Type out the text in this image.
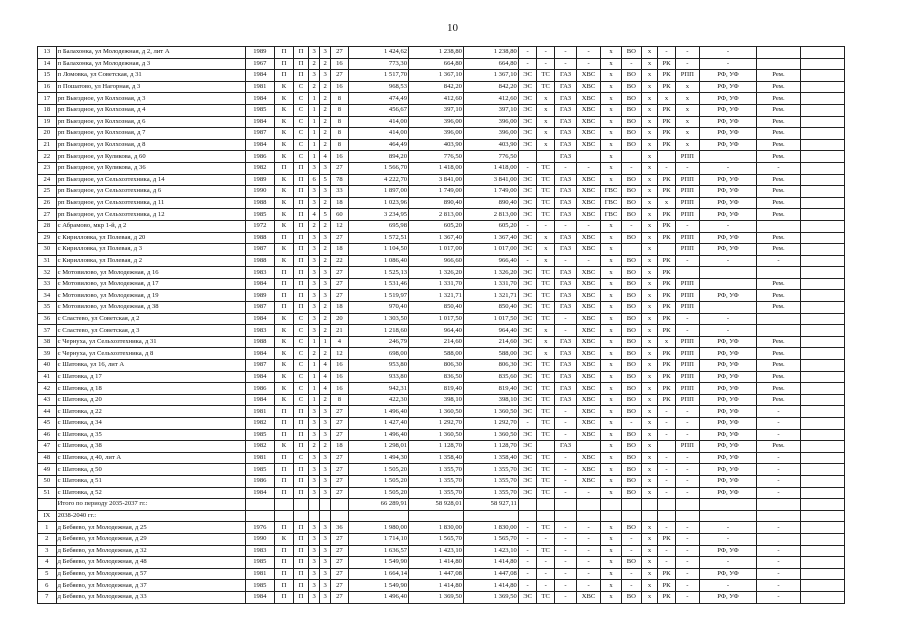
10
13	п Балахонка, ул Молодежная, д 2, лит А	1989	П	П	3	3	27	1 424,62	1 238,80	1 238,80	-	-	-	-	х	ВО	х	-	-	-		
14	п Балахонка, ул Молодежная, д 3	1967	П	П	2	2	16	773,30	664,80	664,80	-	-	-	-	х	-	х	РК	-	-		
15	п Ломовка, ул Советская, д 31	1984	П	П	3	3	27	1 517,70	1 367,10	1 367,10	ЭС	ТС	ГАЗ	ХВС	х	ВО	х	РК	РПП	РФ, УФ	Рем.	
16	п Пошатово, ул Нагорная, д 3	1981	К	С	2	2	16	968,53	842,20	842,20	ЭС	ТС	ГАЗ	ХВС	х	ВО	х	РК	х	РФ, УФ	Рем.	
17	рп Выездное, ул Колхозная, д 3	1984	К	С	1	2	8	474,49	412,60	412,60	ЭС	х	ГАЗ	ХВС	х	ВО	х	х	х	РФ, УФ	Рем.	
18	рп Выездное, ул Колхозная, д 4	1985	К	С	1	2	8	456,67	397,10	397,10	ЭС	х	ГАЗ	ХВС	х	ВО	х	РК	х	РФ, УФ	Рем.	
19	рп Выездное, ул Колхозная, д 6	1984	К	С	1	2	8	414,00	396,00	396,00	ЭС	х	ГАЗ	ХВС	х	ВО	х	РК	х	РФ, УФ	Рем.	
20	рп Выездное, ул Колхозная, д 7	1987	К	С	1	2	8	414,00	396,00	396,00	ЭС	х	ГАЗ	ХВС	х	ВО	х	РК	х	РФ, УФ	Рем.	
21	рп Выездное, ул Колхозная, д 8	1984	К	С	1	2	8	464,49	403,90	403,90	ЭС	х	ГАЗ	ХВС	х	ВО	х	РК	х	РФ, УФ	Рем.	
22	рп Выездное, ул Куликова, д 60	1986	К	С	1	4	16	894,20	776,50	776,50			ГАЗ		х		х		РПП		Рем.	
23	рп Выездное, ул Куликова, д 36	1982	П	П	3	3	27	1 566,70	1 418,00	1 418,00	-	ТС	-	-	х	-	х	-	-	-	-	
24	рп Выездное, ул Сельхозтехника, д 14	1989	К	П	6	5	78	4 222,70	3 841,00	3 841,00	ЭС	ТС	ГАЗ	ХВС	х	ВО	х	РК	РПП	РФ, УФ	Рем.	
25	рп Выездное, ул Сельхозтехника, д 6	1990	К	П	3	3	33	1 897,00	1 749,00	1 749,00	ЭС	ТС	ГАЗ	ХВС	ГВС	ВО	х	РК	РПП	РФ, УФ	Рем.	
26	рп Выездное, ул Сельхозтехника, д 11	1988	К	П	3	2	18	1 023,96	890,40	890,40	ЭС	ТС	ГАЗ	ХВС	ГВС	ВО	х	х	РПП	РФ, УФ	Рем.	
27	рп Выездное, ул Сельхозтехника, д 12	1985	К	П	4	5	60	3 234,95	2 813,00	2 813,00	ЭС	ТС	ГАЗ	ХВС	ГВС	ВО	х	РК	РПП	РФ, УФ	Рем.	
28	с Абрамово, мкр 1-й, д 2	1972	К	П	2	2	12	695,98	605,20	605,20	-	-	-	-	х	-	х	РК	-	-		
29	с Кирилловка, ул Полевая, д 20	1988	П	П	3	3	27	1 572,51	1 367,40	1 367,40	ЭС	х	ГАЗ	ХВС	х	ВО	х	РК	РПП	РФ, УФ	Рем.	
30	с Кирилловка, ул Полевая, д 3	1987	К	П	3	2	18	1 104,50	1 017,00	1 017,00	ЭС	х	ГАЗ	ХВС	х		х		РПП	РФ, УФ	Рем.	
31	с Кирилловка, ул Полевая, д 2	1988	К	П	3	2	22	1 086,40	966,60	966,40	-	х	-	-	х	ВО	х	РК	-	-	-	
32	с Мотовилово, ул Молодежная, д 16	1983	П	П	3	3	27	1 525,13	1 326,20	1 326,20	ЭС	ТС	ГАЗ	ХВС	х	ВО	х	РК				
33	с Мотовилово, ул Молодежная, д 17	1984	П	П	3	3	27	1 531,46	1 331,70	1 331,70	ЭС	ТС	ГАЗ	ХВС	х	ВО	х	РК	РПП		Рем.	
34	с Мотовилово, ул Молодежная, д 19	1989	П	П	3	3	27	1 519,97	1 321,71	1 321,71	ЭС	ТС	ГАЗ	ХВС	х	ВО	х	РК	РПП	РФ, УФ	Рем.	
35	с Мотовилово, ул Молодежная, д 38	1987	П	П	3	2	18	970,40	850,40	850,40	ЭС	ТС	ГАЗ	ХВС	х	ВО	х	РК	РПП		Рем.	
36	с Сластево, ул Советская, д 2	1984	К	С	3	2	20	1 303,50	1 017,50	1 017,50	ЭС	ТС	-	ХВС	х	ВО	х	РК	-	-		
37	с Сластево, ул Советская, д 3	1983	К	С	3	2	21	1 218,60	964,40	964,40	ЭС	х	-	ХВС	х	ВО	х	РК	-	-		
38	с Чернуха, ул Сельхозтехника, д 31	1988	К	С	1	1	4	246,79	214,60	214,60	ЭС	х	ГАЗ	ХВС	х	ВО	х	х	РПП	РФ, УФ	Рем.	
39	с Чернуха, ул Сельхозтехника, д 8	1984	К	С	2	2	12	698,00	588,00	588,00	ЭС	х	ГАЗ	ХВС	х	ВО	х	РК	РПП	РФ, УФ	Рем.	
40	с Шатовка, ул 16, лит А	1987	К	С	1	4	16	953,80	806,30	806,30	ЭС	ТС	ГАЗ	ХВС	х	ВО	х	РК	РПП	РФ, УФ	Рем.	
41	с Шатовка, д 17	1984	К	С	1	4	16	933,80	836,50	835,60	ЭС	ТС	ГАЗ	ХВС	х	ВО	х	РК	РПП	РФ, УФ	Рем.	
42	с Шатовка, д 18	1986	К	С	1	4	16	942,31	819,40	819,40	ЭС	ТС	ГАЗ	ХВС	х	ВО	х	РК	РПП	РФ, УФ	Рем.	
43	с Шатовка, д 20	1984	К	С	1	2	8	422,30	398,10	398,10	ЭС	ТС	ГАЗ	ХВС	х	ВО	х	РК	РПП	РФ, УФ	Рем.	
44	с Шатовка, д 22	1981	П	П	3	3	27	1 496,40	1 360,50	1 360,50	ЭС	ТС	-	ХВС	х	ВО	х	-	-	РФ, УФ	-	
45	с Шатовка, д 34	1982	П	П	3	3	27	1 427,40	1 292,70	1 292,70	-	ТС	-	ХВС	х	-	х	-	-	РФ, УФ	-	
46	с Шатовка, д 35	1985	П	П	3	3	27	1 496,40	1 360,50	1 360,50	ЭС	ТС	-	ХВС	х	ВО	х	-	-	РФ, УФ	-	
47	с Шатовка, д 38	1982	К	П	2	2	18	1 298,01	1 128,70	1 128,70	ЭС		ГАЗ		х	ВО	х		РПП	РФ, УФ	Рем.	
48	с Шатовка, д 40, лит А	1981	П	С	3	3	27	1 494,30	1 358,40	1 358,40	ЭС	ТС	-	ХВС	х	ВО	х	-	-	РФ, УФ	-	
49	с Шатовка, д 50	1985	П	П	3	3	27	1 505,20	1 355,70	1 355,70	ЭС	ТС	-	ХВС	х	ВО	х	-	-	РФ, УФ	-	
50	с Шатовка, д 51	1986	П	П	3	3	27	1 505,20	1 355,70	1 355,70	ЭС	ТС	-	ХВС	х	ВО	х	-	-	РФ, УФ	-	
51	с Шатовка, д 52	1984	П	П	3	3	27	1 505,20	1 355,70	1 355,70	ЭС	ТС	-	-	х	ВО	х	-	-	РФ, УФ	-	
	Итого по периоду 2035-2037 гг.:							66 289,91	58 928,01	58 927,11												
IX	2038-2040 гг.:																					
1	д Бебяево, ул Молодежная, д 25	1976	П	П	3	3	36	1 980,00	1 830,00	1 830,00	-	ТС	-	-	х	ВО	х	-	-	-	-	
2	д Бебяево, ул Молодежная, д 29	1990	К	П	3	3	27	1 714,10	1 565,70	1 565,70	-	-	-	-	х	-	х	РК	-	-		
3	д Бебяево, ул Молодежная, д 32	1983	П	П	3	3	27	1 636,57	1 423,10	1 423,10	-	ТС	-	-	х	-	х	-	-	РФ, УФ	-	
4	д Бебяево, ул Молодежная, д 48	1985	П	П	3	3	27	1 549,90	1 414,80	1 414,80	-	-	-	-	х	ВО	х	-	-	-	-	
5	д Бебяево, ул Молодежная, д 57	1981	П	П	3	3	27	1 664,14	1 447,08	1 447,08	-	-	-	-	х	-	х	РК	-	РФ, УФ	-	
6	д Бебяево, ул Молодежная, д 37	1985	П	П	3	3	27	1 549,90	1 414,80	1 414,80	-	-	-	-	х	-	х	РК	-	-	-	
7	д Бебяево, ул Молодежная, д 33	1984	П	П	3	3	27	1 496,40	1 369,50	1 369,50	ЭС	ТС	-	ХВС	х	ВО	х	РК	-	РФ, УФ	-	
